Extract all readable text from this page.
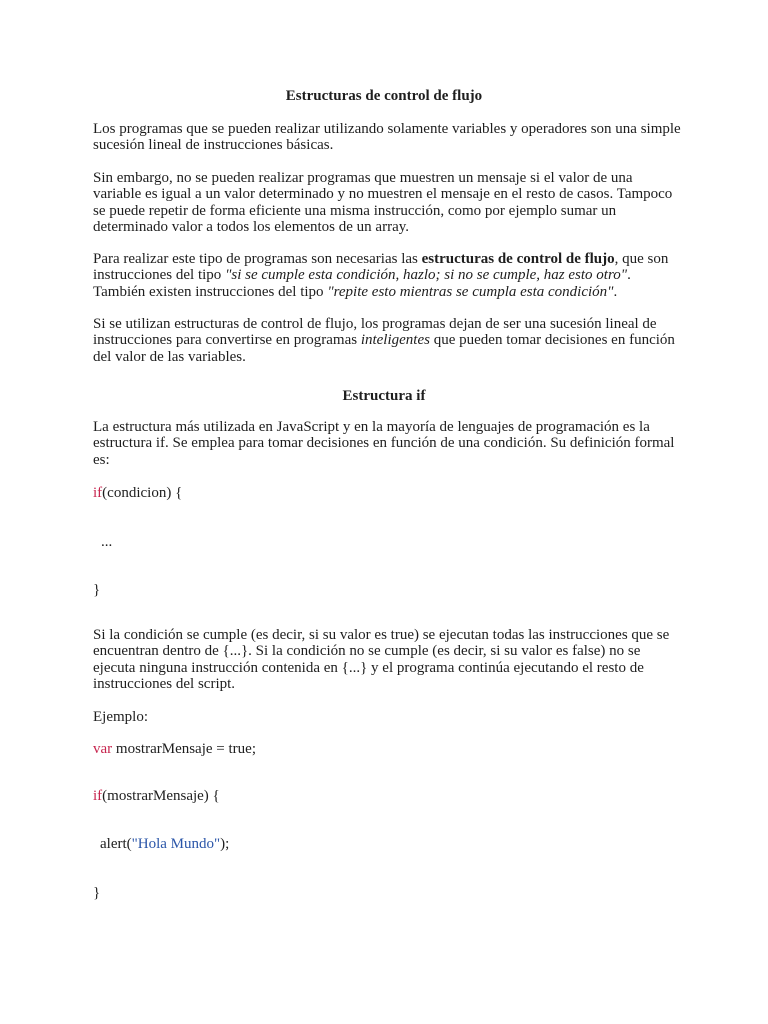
Estructuras de control de flujo

Los programas que se pueden realizar utilizando solamente variables y operadores son una simple sucesión lineal de instrucciones básicas.

Sin embargo, no se pueden realizar programas que muestren un mensaje si el valor de una variable es igual a un valor determinado y no muestren el mensaje en el resto de casos. Tampoco se puede repetir de forma eficiente una misma instrucción, como por ejemplo sumar un determinado valor a todos los elementos de un array.

Para realizar este tipo de programas son necesarias las estructuras de control de flujo, que son instrucciones del tipo "si se cumple esta condición, hazlo; si no se cumple, haz esto otro". También existen instrucciones del tipo "repite esto mientras se cumpla esta condición".

Si se utilizan estructuras de control de flujo, los programas dejan de ser una sucesión lineal de instrucciones para convertirse en programas inteligentes que pueden tomar decisiones en función del valor de las variables.

Estructura if

La estructura más utilizada en JavaScript y en la mayoría de lenguajes de programación es la estructura if. Se emplea para tomar decisiones en función de una condición. Su definición formal es:

if(condicion) {

...

}

Si la condición se cumple (es decir, si su valor es true) se ejecutan todas las instrucciones que se encuentran dentro de {...}. Si la condición no se cumple (es decir, si su valor es false) no se ejecuta ninguna instrucción contenida en {...} y el programa continúa ejecutando el resto de instrucciones del script.

Ejemplo:

var mostrarMensaje = true;

if(mostrarMensaje) {

alert("Hola Mundo");

}
